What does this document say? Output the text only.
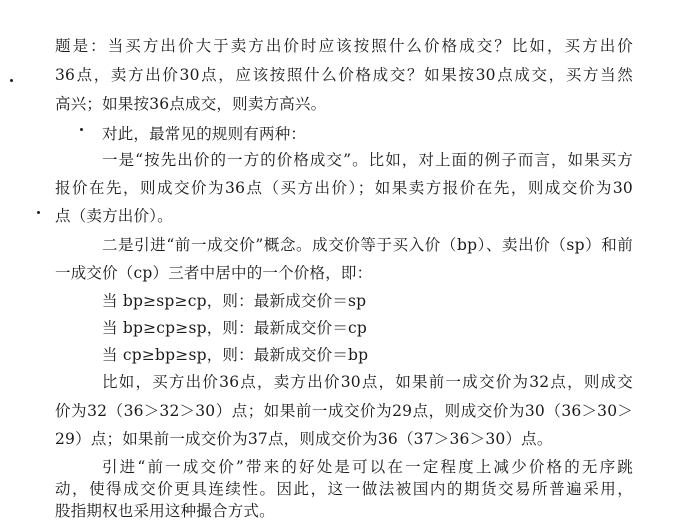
题是：当买方出价大于卖方出价时应该按照什么价格成交？比如，买方出价
36点，卖方出价30点，应该按照什么价格成交？如果按30点成交，买方当然
高兴；如果按36点成交，则卖方高兴。
对此，最常见的规则有两种：
一是“按先出价的一方的价格成交”。比如，对上面的例子而言，如果买方
报价在先，则成交价为36点（买方出价）；如果卖方报价在先，则成交价为30
点（卖方出价）。
二是引进“前一成交价”概念。成交价等于买入价（bp）、卖出价（sp）和前
一成交价（cp）三者中居中的一个价格，即：
当 bp≥sp≥cp，则：最新成交价＝sp
当 bp≥cp≥sp，则：最新成交价＝cp
当 cp≥bp≥sp，则：最新成交价＝bp
比如，买方出价36点，卖方出价30点，如果前一成交价为32点，则成交
价为32（36＞32＞30）点；如果前一成交价为29点，则成交价为30（36＞30＞
29）点；如果前一成交价为37点，则成交价为36（37＞36＞30）点。
引进“前一成交价”带来的好处是可以在一定程度上减少价格的无序跳
动，使得成交价更具连续性。因此，这一做法被国内的期货交易所普遍采用，
股指期权也采用这种撮合方式。
